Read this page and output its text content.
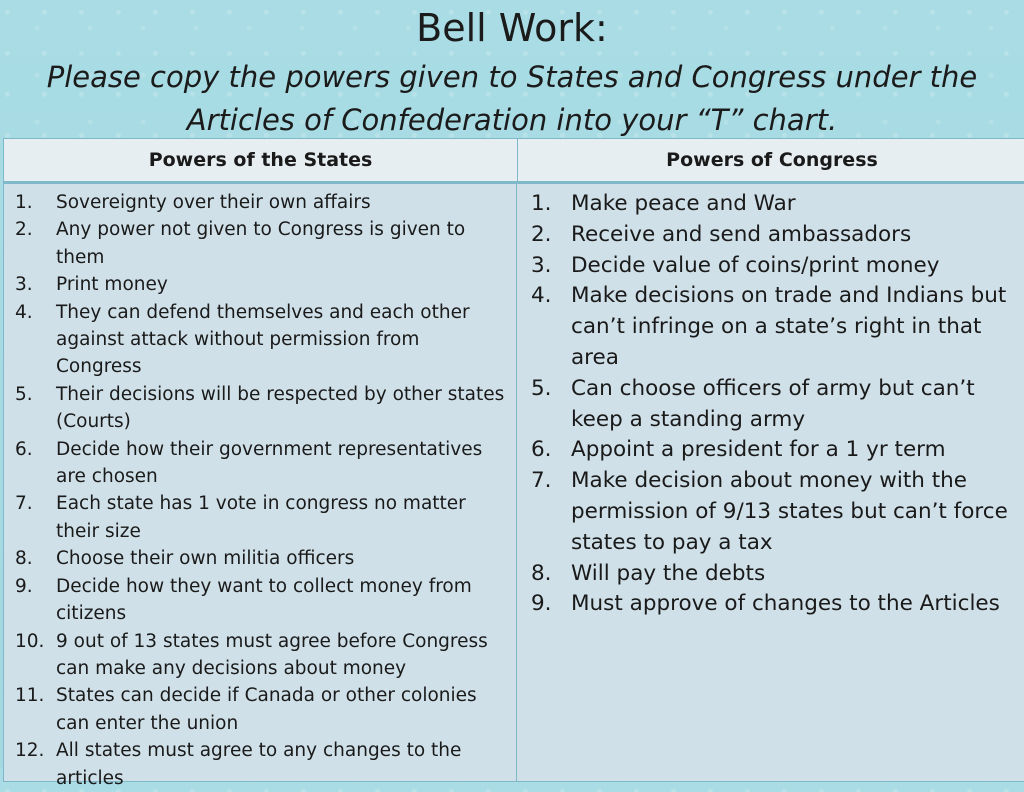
Bell Work:
Please copy the powers given to States and Congress under the Articles of Confederation into your “T” chart.
Powers of the States	Powers of Congress
1. Sovereignty over their own affairs
2. Any power not given to Congress is given to them
3. Print money
4. They can defend themselves and each other against attack without permission from Congress
5. Their decisions will be respected by other states (Courts)
6. Decide how their government representatives are chosen
7. Each state has 1 vote in congress no matter their size
8. Choose their own militia officers
9. Decide how they want to collect money from citizens
10. 9 out of 13 states must agree before Congress can make any decisions about money
11. States can decide if Canada or other colonies can enter the union
12. All states must agree to any changes to the articles
1. Make peace and War
2. Receive and send ambassadors
3. Decide value of coins/print money
4. Make decisions on trade and Indians but can’t infringe on a state’s right in that area
5. Can choose officers of army but can’t keep a standing army
6. Appoint a president for a 1 yr term
7. Make decision about money with the permission of 9/13 states but can’t force states to pay a tax
8. Will pay the debts
9. Must approve of changes to the Articles
